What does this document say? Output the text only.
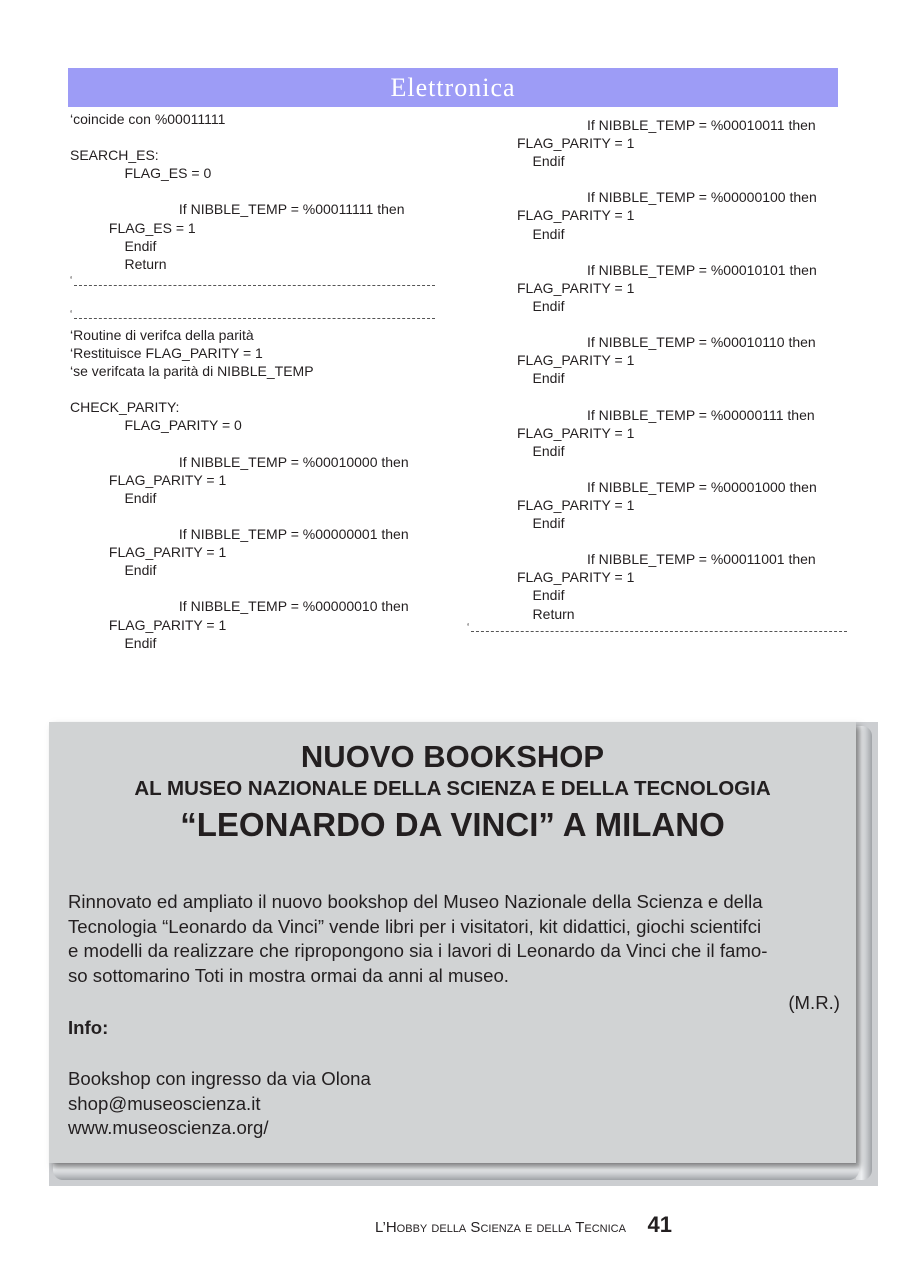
Elettronica
‘coincide con %00011111
SEARCH_ES:
FLAG_ES = 0
If NIBBLE_TEMP = %00011111 then
FLAG_ES = 1
Endif
Return
‘
‘
‘Routine di verifca della parità
‘Restituisce FLAG_PARITY = 1
‘se verifcata la parità di NIBBLE_TEMP
CHECK_PARITY:
FLAG_PARITY = 0
If NIBBLE_TEMP = %00010000 then
FLAG_PARITY = 1
Endif
If NIBBLE_TEMP = %00000001 then
FLAG_PARITY = 1
Endif
If NIBBLE_TEMP = %00000010 then
FLAG_PARITY = 1
Endif
If NIBBLE_TEMP = %00010011 then
FLAG_PARITY = 1
Endif
If NIBBLE_TEMP = %00000100 then
FLAG_PARITY = 1
Endif
If NIBBLE_TEMP = %00010101 then
FLAG_PARITY = 1
Endif
If NIBBLE_TEMP = %00010110 then
FLAG_PARITY = 1
Endif
If NIBBLE_TEMP = %00000111 then
FLAG_PARITY = 1
Endif
If NIBBLE_TEMP = %00001000 then
FLAG_PARITY = 1
Endif
If NIBBLE_TEMP = %00011001 then
FLAG_PARITY = 1
Endif
Return
‘
NUOVO BOOKSHOP
AL MUSEO NAZIONALE DELLA SCIENZA E DELLA TECNOLOGIA
“LEONARDO DA VINCI” A MILANO
Rinnovato ed ampliato il nuovo bookshop del Museo Nazionale della Scienza e della
Tecnologia “Leonardo da Vinci” vende libri per i visitatori, kit didattici, giochi scientifci
e modelli da realizzare che ripropongono sia i lavori di Leonardo da Vinci che il famo-
so sottomarino Toti in mostra ormai da anni al museo.
(M.R.)
Info:
Bookshop con ingresso da via Olona
shop@museoscienza.it
www.museoscienza.org/
L’Hobby della Scienza e della Tecnica 41
